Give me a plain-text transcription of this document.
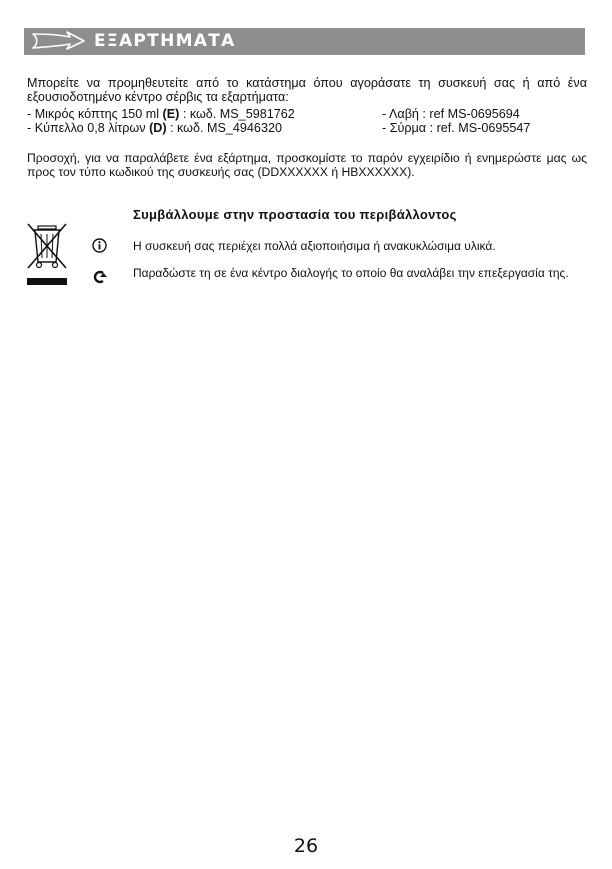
ΕΞΑΡΤΗΜΑΤΑ
Μπορείτε να προμηθευτείτε από το κατάστημα όπου αγοράσατε τη συσκευή σας ή από ένα εξουσιοδοτημένο κέντρο σέρβις τα εξαρτήματα:
- Μικρός κόπτης 150 ml (E) : κωδ. MS_5981762
- Κύπελλο 0,8 λίτρων (D) : κωδ. MS_4946320
- Λαβή : ref MS-0695694
- Σύρμα : ref. MS-0695547
Προσοχή, για να παραλάβετε ένα εξάρτημα, προσκομίστε το παρόν εγχειρίδιο ή ενημερώστε μας ως προς τον τύπο κωδικού της συσκευής σας (DDXXXXXX ή HBXXXXXX).
Συμβάλλουμε στην προστασία του περιβάλλοντος
Η συσκευή σας περιέχει πολλά αξιοποιήσιμα ή ανακυκλώσιμα υλικά.
Παραδώστε τη σε ένα κέντρο διαλογής το οποίο θα αναλάβει την επεξεργασία της.
26
